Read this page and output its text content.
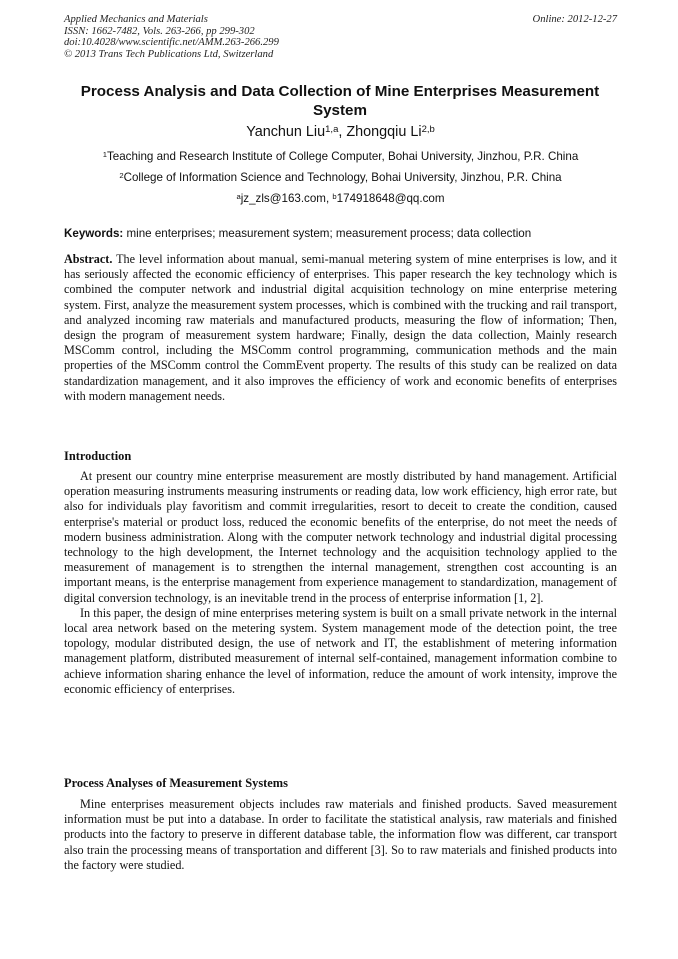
Applied Mechanics and Materials
ISSN: 1662-7482, Vols. 263-266, pp 299-302
doi:10.4028/www.scientific.net/AMM.263-266.299
© 2013 Trans Tech Publications Ltd, Switzerland
Online: 2012-12-27
Process Analysis and Data Collection of Mine Enterprises Measurement System
Yanchun Liu$^{1,a}$, Zhongqiu Li$^{2,b}$
$^1$Teaching and Research Institute of College Computer, Bohai University, Jinzhou, P.R. China
$^2$College of Information Science and Technology, Bohai University, Jinzhou, P.R. China
$^a$jz_zls@163.com, $^b$174918648@qq.com
Keywords: mine enterprises; measurement system; measurement process; data collection
Abstract. The level information about manual, semi-manual metering system of mine enterprises is low, and it has seriously affected the economic efficiency of enterprises. This paper research the key technology which is combined the computer network and industrial digital acquisition technology on mine enterprise metering system. First, analyze the measurement system processes, which is combined with the trucking and rail transport, and analyzed incoming raw materials and manufactured products, measuring the flow of information; Then, design the program of measurement system hardware; Finally, design the data collection, Mainly research MSComm control, including the MSComm control programming, communication methods and the main properties of the MSComm control the CommEvent property. The results of this study can be realized on data standardization management, and it also improves the efficiency of work and economic benefits of enterprises with modern management needs.
Introduction

At present our country mine enterprise measurement are mostly distributed by hand management. Artificial operation measuring instruments measuring instruments or reading data, low work efficiency, high error rate, but also for individuals play favoritism and commit irregularities, resort to deceit to create the condition, caused enterprise's material or product loss, reduced the economic benefits of the enterprise, do not meet the needs of modern business administration. Along with the computer network technology and industrial digital processing technology to the high development, the Internet technology and the acquisition technology applied to the measurement of management is to strengthen the internal management, strengthen cost accounting is an important means, is the enterprise management from experience management to standardization, management of digital conversion technology, is an inevitable trend in the process of enterprise information [1, 2].

In this paper, the design of mine enterprises metering system is built on a small private network in the internal local area network based on the metering system. System management mode of the detection point, the tree topology, modular distributed design, the use of network and IT, the establishment of metering information management platform, distributed measurement of internal self-contained, management information combine to achieve information sharing enhance the level of information, reduce the amount of work intensity, improve the economic efficiency of enterprises.

Process Analyses of Measurement Systems

Mine enterprises measurement objects includes raw materials and finished products. Saved measurement information must be put into a database. In order to facilitate the statistical analysis, raw materials and finished products into the factory to preserve in different database table, the information flow was different, car transport also train the processing means of transportation and different [3]. So to raw materials and finished products into the factory were studied.
